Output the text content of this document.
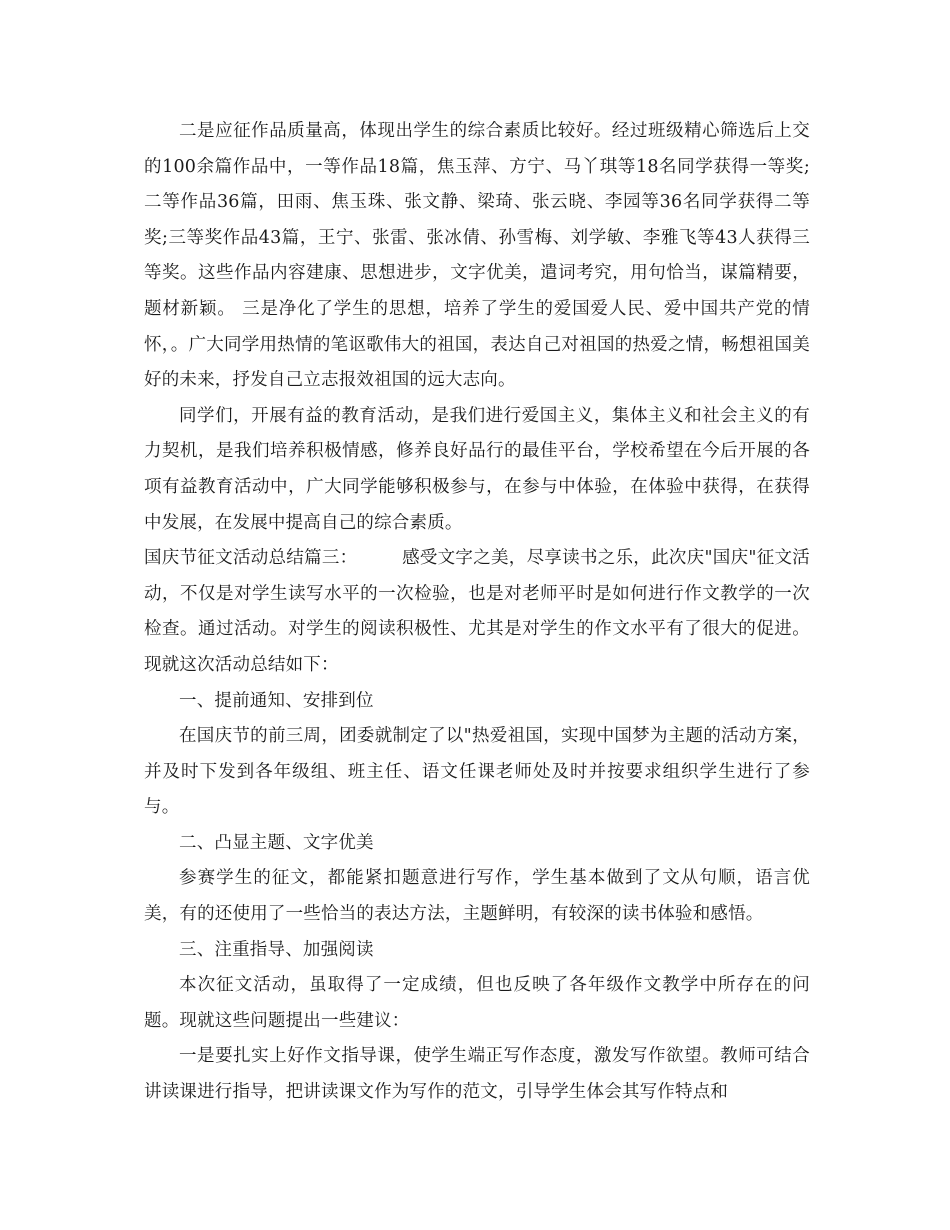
二是应征作品质量高，体现出学生的综合素质比较好。经过班级精心筛选后上交的100余篇作品中，一等作品18篇，焦玉萍、方宁、马丫琪等18名同学获得一等奖;二等作品36篇，田雨、焦玉珠、张文静、梁琦、张云晓、李园等36名同学获得二等奖;三等奖作品43篇，王宁、张雷、张冰倩、孙雪梅、刘学敏、李雅飞等43人获得三等奖。这些作品内容建康、思想进步，文字优美，遣词考究，用句恰当，谋篇精要，题材新颖。 三是净化了学生的思想，培养了学生的爱国爱人民、爱中国共产党的情怀，。广大同学用热情的笔讴歌伟大的祖国，表达自己对祖国的热爱之情，畅想祖国美好的未来，抒发自己立志报效祖国的远大志向。

同学们，开展有益的教育活动，是我们进行爱国主义，集体主义和社会主义的有力契机，是我们培养积极情感，修养良好品行的最佳平台，学校希望在今后开展的各项有益教育活动中，广大同学能够积极参与，在参与中体验，在体验中获得，在获得中发展，在发展中提高自己的综合素质。

国庆节征文活动总结篇三：　　　感受文字之美，尽享读书之乐，此次庆"国庆"征文活动，不仅是对学生读写水平的一次检验，也是对老师平时是如何进行作文教学的一次检查。通过活动。对学生的阅读积极性、尤其是对学生的作文水平有了很大的促进。现就这次活动总结如下：

一、提前通知、安排到位

在国庆节的前三周，团委就制定了以"热爱祖国，实现中国梦为主题的活动方案，并及时下发到各年级组、班主任、语文任课老师处及时并按要求组织学生进行了参与。

二、凸显主题、文字优美

参赛学生的征文，都能紧扣题意进行写作，学生基本做到了文从句顺，语言优美，有的还使用了一些恰当的表达方法，主题鲜明，有较深的读书体验和感悟。

三、注重指导、加强阅读

本次征文活动，虽取得了一定成绩，但也反映了各年级作文教学中所存在的问题。现就这些问题提出一些建议：

一是要扎实上好作文指导课，使学生端正写作态度，激发写作欲望。教师可结合讲读课进行指导，把讲读课文作为写作的范文，引导学生体会其写作特点和
